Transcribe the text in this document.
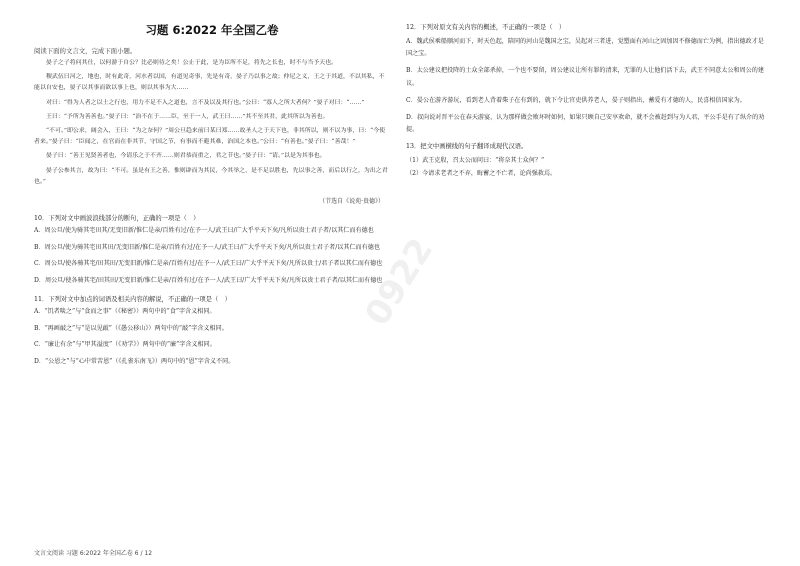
习题 6:2022 年全国乙卷
阅读下面的文言文，完成下面小题。

晏子之子将问其仕，以何游于自公？比必则待之矣！公止于此，是为臣所不足，将先之长也，时不与当予天也。

稷武伍曰河之，地也，时有此奇，河水者以国，有道见奇事，先是有奇，晏子乃以事之故；仲尼之义，王之于其道，不以其私，不能以自安也，晏子以其事而欲以事上也，则以其事为大……

对曰：“得为人者之以士之行也，用力不足不入之道也，言不及以及其行也。”公曰：“寡人之所大者何？”晏子对曰：“……”

王曰：“予所为善善也。”晏子曰：“治不在于……臣，至于一人，武王曰……”其不至其君，此其所以为善也。

“不可。”即公求，阔会入，王曰：“为之奈何？”周公旦趋来前曰某曰郑……故圣人之于天下也，非其所以，则不以为事，曰：“今使者来。”晏子曰：“臣闻之，在官而在非其节，守国之节，有事而不避其难，治国之本也。”公曰：“有善也。”晏子曰：“善哉！”

晏子曰：“善王见贤善者也，今请乐之于不齐……则君恭而重之，君之节也。”晏子曰：“请。”以是为其事也。

晏子公参其言，故为曰：“不可。虽是有王之善，惟则辟而为其民，今其举之，是不足以胜也，先以事之善，而后以行之，为出之君也。”

（节选自《说苑·贵德》）
10．下列对文中画波浪线部分的断句，正确的一项是（　）
A．周公旦/使为骑其宅田其/无变旧新/惟仁是亲/百姓有过/在予一人/武王曰/广大乎平天下矣/凡所以贵士君子者/以其仁而有德也
B．周公旦/使为骑其宅田其田/无变旧新/惟仁是亲/百姓有过/在予一人/武王曰/广大乎平天下矣/凡所以贵士君子者/以其仁而有德也
C．周公旦/使各骑其宅/田其田/无变旧新/惟仁是亲/百姓有过/在予一人/武王曰/广大乎平天下矣/凡所以贵士/君子者以其仁而有德也
D．周公旦/使各骑其宅/田其田/无变旧新/惟仁是亲/百姓有过/在予一人/武王曰/广大乎平天下矣/凡所以贵士君子者/以其仁而有德也
11．下列对文中加点的词语及相关内容的解说，不正确的一项是（　）
A．“饥者啖之”与“食而之事”（《秘密》）两句中的“食”字含义相同。
B．“再画敲之”与“是以见敲”（《愚公移山》）两句中的“敲”字含义相同。
C．“廉让有余”与“甲其溢度”（《劝学》）两句中的“廉”字含义相同。
D．“公恩之”与“心中常苦恩”（《孔雀东南飞》）两句中的“恩”字含义不同。
12．下列对原文有关内容的概述，不正确的一项是（　）
A．魏武侯乘船顺河而下，时天色起，陪同的河山是魏国之宝，吴起对三者进，觉塑面有河山之固加因不修德而亡为例，指出德政才是国之宝。
B．太公建议把投降的士众全部杀掉，一个也不要留，周公建议让所有罪的清来，无罪的人让他们活下去，武王不同意太公和周公的建议。
C．晏公在游齐游玩，看到老人背着柴子在有到的，就下令让官吏供养老人，晏子则指出，蓄爱有才德的人，民喜相信国家为。
D．叔向说对晋平公在春天游宴，认为那样做会败坏时如何，如果只顾自己安享欢命，就不会被赶到与为人君，平公手是有了纵介的劝提。
13．把文中画横线的句子翻译成现代汉语。
（1）武王克殷，召太公而问曰：“将奈其士众何？”
（2）今请求老者之不弃，晦蓄之不亡者，论尚强救焉。
0922
文言文阅读 习题 6:2022 年全国乙卷 6 / 12
